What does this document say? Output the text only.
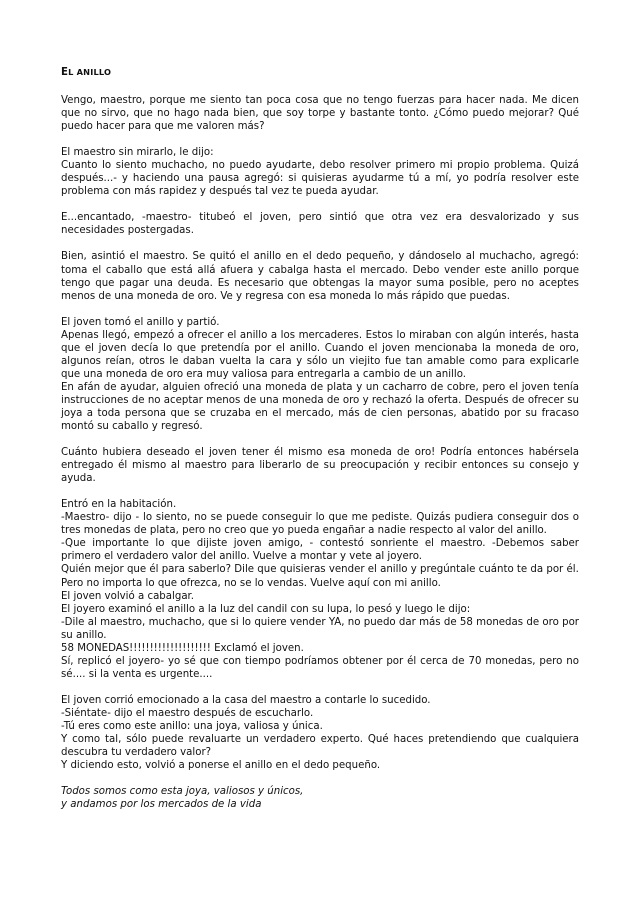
EL ANILLO

Vengo, maestro, porque me siento tan poca cosa que no tengo fuerzas para hacer nada. Me dicen que no sirvo, que no hago nada bien, que soy torpe y bastante tonto. ¿Cómo puedo mejorar? Qué puedo hacer para que me valoren más?

El maestro sin mirarlo, le dijo:
Cuanto lo siento muchacho, no puedo ayudarte, debo resolver primero mi propio problema. Quizá después...- y haciendo una pausa agregó: si quisieras ayudarme tú a mí, yo podría resolver este problema con más rapidez y después tal vez te pueda ayudar.

E...encantado, -maestro- titubeó el joven, pero sintió que otra vez era desvalorizado y sus necesidades postergadas.

Bien, asintió el maestro. Se quitó el anillo en el dedo pequeño, y dándoselo al muchacho, agregó: toma el caballo que está allá afuera y cabalga hasta el mercado. Debo vender este anillo porque tengo que pagar una deuda. Es necesario que obtengas la mayor suma posible, pero no aceptes menos de una moneda de oro. Ve y regresa con esa moneda lo más rápido que puedas.

El joven tomó el anillo y partió.
Apenas llegó, empezó a ofrecer el anillo a los mercaderes. Estos lo miraban con algún interés, hasta que el joven decía lo que pretendía por el anillo. Cuando el joven mencionaba la moneda de oro, algunos reían, otros le daban vuelta la cara y sólo un viejito fue tan amable como para explicarle que una moneda de oro era muy valiosa para entregarla a cambio de un anillo.
En afán de ayudar, alguien ofreció una moneda de plata y un cacharro de cobre, pero el joven tenía instrucciones de no aceptar menos de una moneda de oro y rechazó la oferta. Después de ofrecer su joya a toda persona que se cruzaba en el mercado, más de cien personas, abatido por su fracaso montó su caballo y regresó.

Cuánto hubiera deseado el joven tener él mismo esa moneda de oro! Podría entonces habérsela entregado él mismo al maestro para liberarlo de su preocupación y recibir entonces su consejo y ayuda.

Entró en la habitación.
-Maestro- dijo - lo siento, no se puede conseguir lo que me pediste. Quizás pudiera conseguir dos o tres monedas de plata, pero no creo que yo pueda engañar a nadie respecto al valor del anillo.
-Que importante lo que dijiste joven amigo, - contestó sonriente el maestro. -Debemos saber primero el verdadero valor del anillo. Vuelve a montar y vete al joyero.
Quién mejor que él para saberlo? Dile que quisieras vender el anillo y pregúntale cuánto te da por él.
Pero no importa lo que ofrezca, no se lo vendas. Vuelve aquí con mi anillo.
El joven volvió a cabalgar.
El joyero examinó el anillo a la luz del candil con su lupa, lo pesó y luego le dijo:
-Dile al maestro, muchacho, que si lo quiere vender YA, no puedo dar más de 58 monedas de oro por su anillo.
58 MONEDAS!!!!!!!!!!!!!!!!!!!! Exclamó el joven.
Sí, replicó el joyero- yo sé que con tiempo podríamos obtener por él cerca de 70 monedas, pero no sé.... si la venta es urgente....

El joven corrió emocionado a la casa del maestro a contarle lo sucedido.
-Siéntate- dijo el maestro después de escucharlo.
-Tú eres como este anillo: una joya, valiosa y única.
Y como tal, sólo puede revaluarte un verdadero experto. Qué haces pretendiendo que cualquiera descubra tu verdadero valor?
Y diciendo esto, volvió a ponerse el anillo en el dedo pequeño.

Todos somos como esta joya, valiosos y únicos,
y andamos por los mercados de la vida
